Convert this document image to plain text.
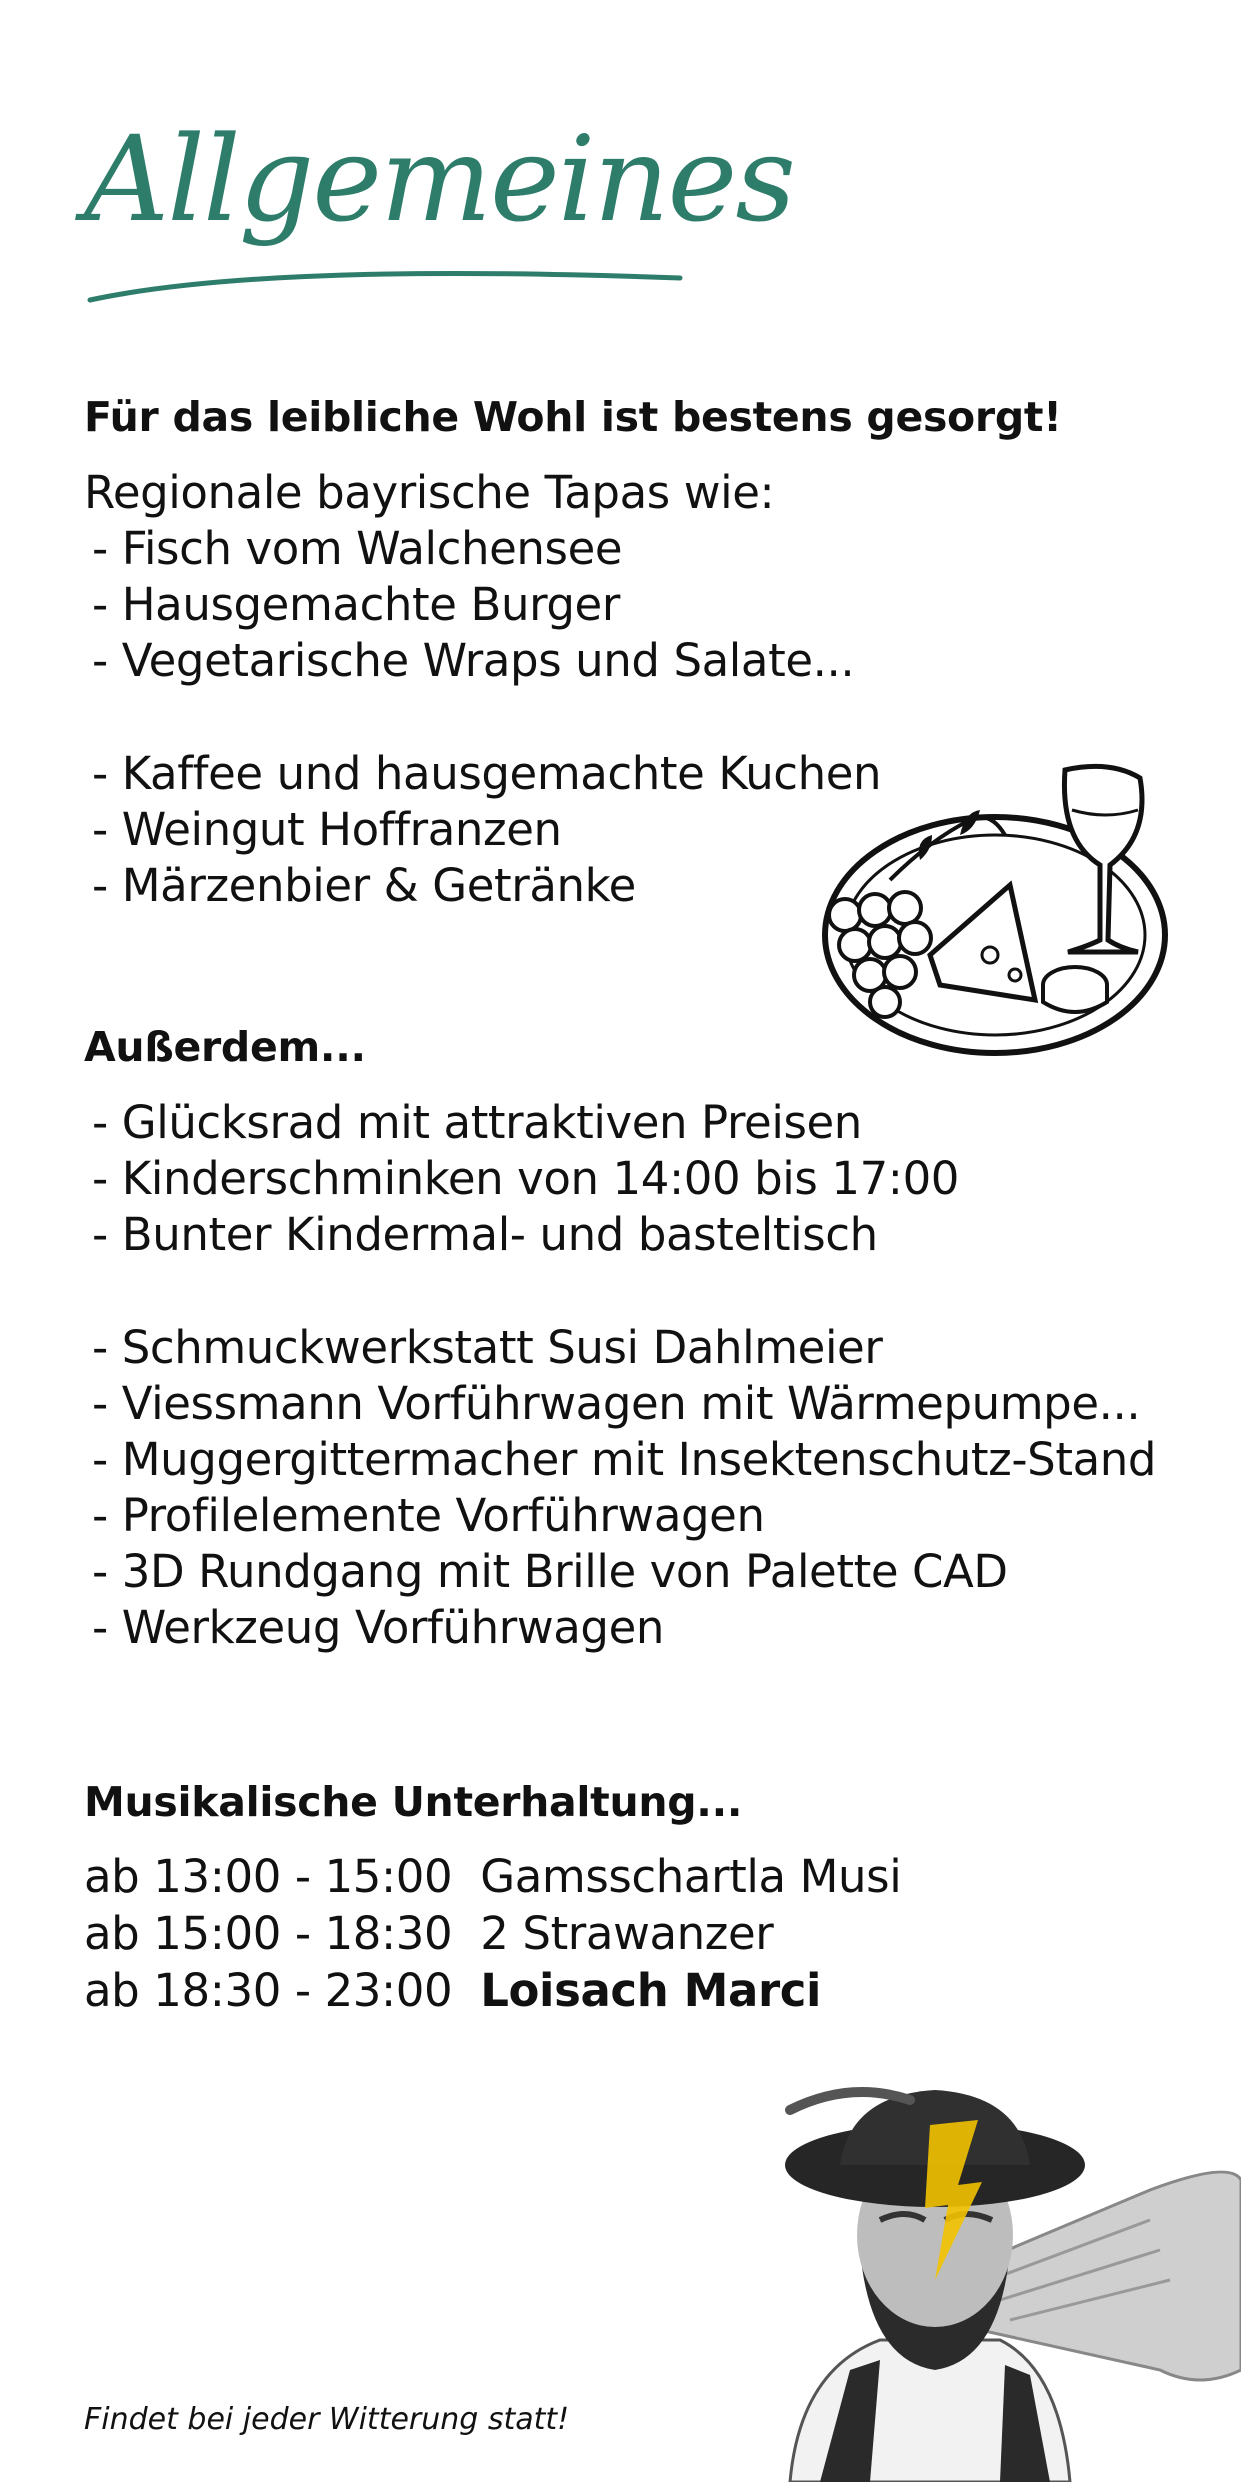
Allgemeines
Für das leibliche Wohl ist bestens gesorgt!
Regionale bayrische Tapas wie:
- Fisch vom Walchensee
- Hausgemachte Burger
- Vegetarische Wraps und Salate...
- Kaffee und hausgemachte Kuchen
- Weingut Hoffranzen
- Märzenbier & Getränke
Außerdem...
- Glücksrad mit attraktiven Preisen
- Kinderschminken von 14:00 bis 17:00
- Bunter Kindermal- und basteltisch
- Schmuckwerkstatt Susi Dahlmeier
- Viessmann Vorführwagen mit Wärmepumpe...
- Muggergittermacher mit Insektenschutz-Stand
- Profilelemente Vorführwagen
- 3D Rundgang mit Brille von Palette CAD
- Werkzeug Vorführwagen
Musikalische Unterhaltung...
ab 13:00 - 15:00	Gamsschartla Musi
ab 15:00 - 18:30	2 Strawanzer
ab 18:30 - 23:00	Loisach Marci
Findet bei jeder Witterung statt!
